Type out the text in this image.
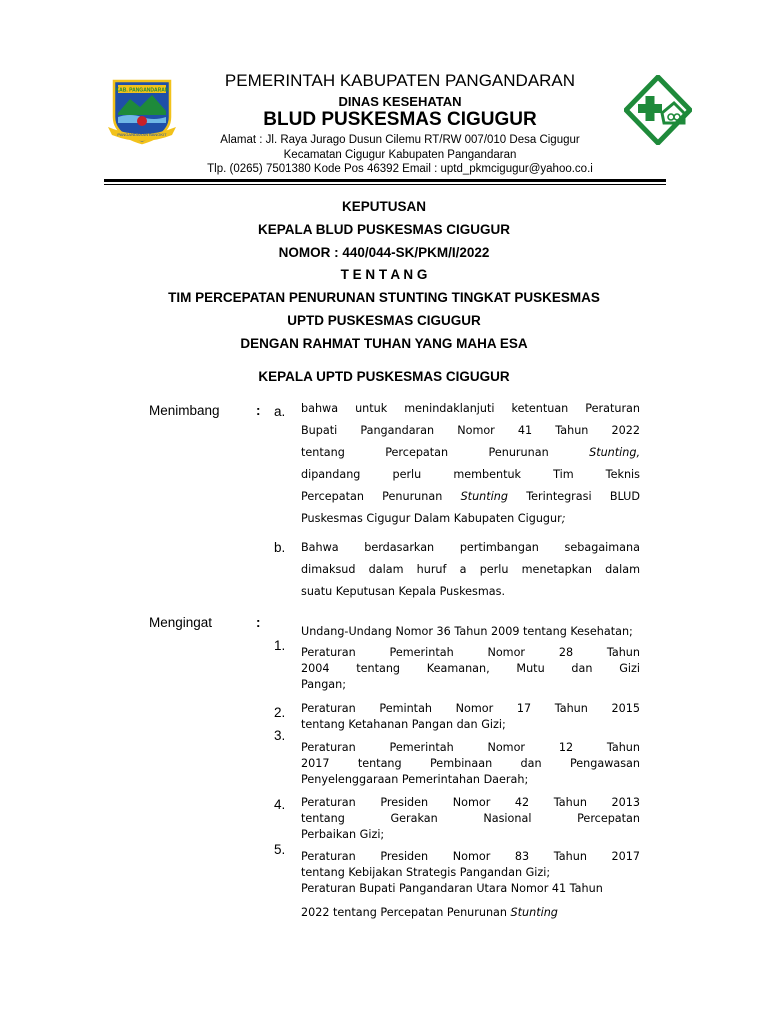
KAB. PANGANDARAN
PANGANDARAN BANGKIT
PEMERINTAH KABUPATEN PANGANDARAN
DINAS KESEHATAN
BLUD PUSKESMAS CIGUGUR
Alamat : Jl. Raya Jurago Dusun Cilemu RT/RW 007/010 Desa Cigugur
Kecamatan Cigugur Kabupaten Pangandaran
Tlp. (0265) 7501380 Kode Pos 46392 Email : uptd_pkmcigugur@yahoo.co.i
KEPUTUSAN
KEPALA BLUD PUSKESMAS CIGUGUR
NOMOR : 440/044-SK/PKM/I/2022
T E N T A N G
TIM PERCEPATAN PENURUNAN STUNTING TINGKAT PUSKESMAS
UPTD PUSKESMAS CIGUGUR
DENGAN RAHMAT TUHAN YANG MAHA ESA
KEPALA UPTD PUSKESMAS CIGUGUR
Menimbang	: a. bahwa untuk menindaklanjuti ketentuan Peraturan
Bupati Pangandaran Nomor 41 Tahun 2022
tentang Percepatan Penurunan	Stunting,
dipandang perlu membentuk Tim Teknis
Percepatan Penurunan Stunting Terintegrasi BLUD
Puskesmas Cigugur Dalam Kabupaten Cigugur;
b. Bahwa berdasarkan pertimbangan sebagaimana
dimaksud dalam huruf a perlu menetapkan dalam
suatu Keputusan Kepala Puskesmas.
Mengingat	:
1.
2.
3.
4.
5.
Undang-Undang Nomor 36 Tahun 2009 tentang Kesehatan;
Peraturan Pemerintah Nomor 28 Tahun
2004 tentang Keamanan, Mutu dan Gizi
Pangan;
Peraturan Pemintah Nomor 17 Tahun 2015
tentang Ketahanan Pangan dan Gizi;
Peraturan Pemerintah Nomor 12 Tahun
2017 tentang Pembinaan dan Pengawasan
Penyelenggaraan Pemerintahan Daerah;
Peraturan Presiden Nomor 42 Tahun 2013
tentang Gerakan Nasional Percepatan
Perbaikan Gizi;
Peraturan Presiden Nomor 83 Tahun 2017
tentang Kebijakan Strategis Pangandan Gizi;
Peraturan Bupati Pangandaran Utara Nomor 41 Tahun
2022 tentang Percepatan Penurunan Stunting
